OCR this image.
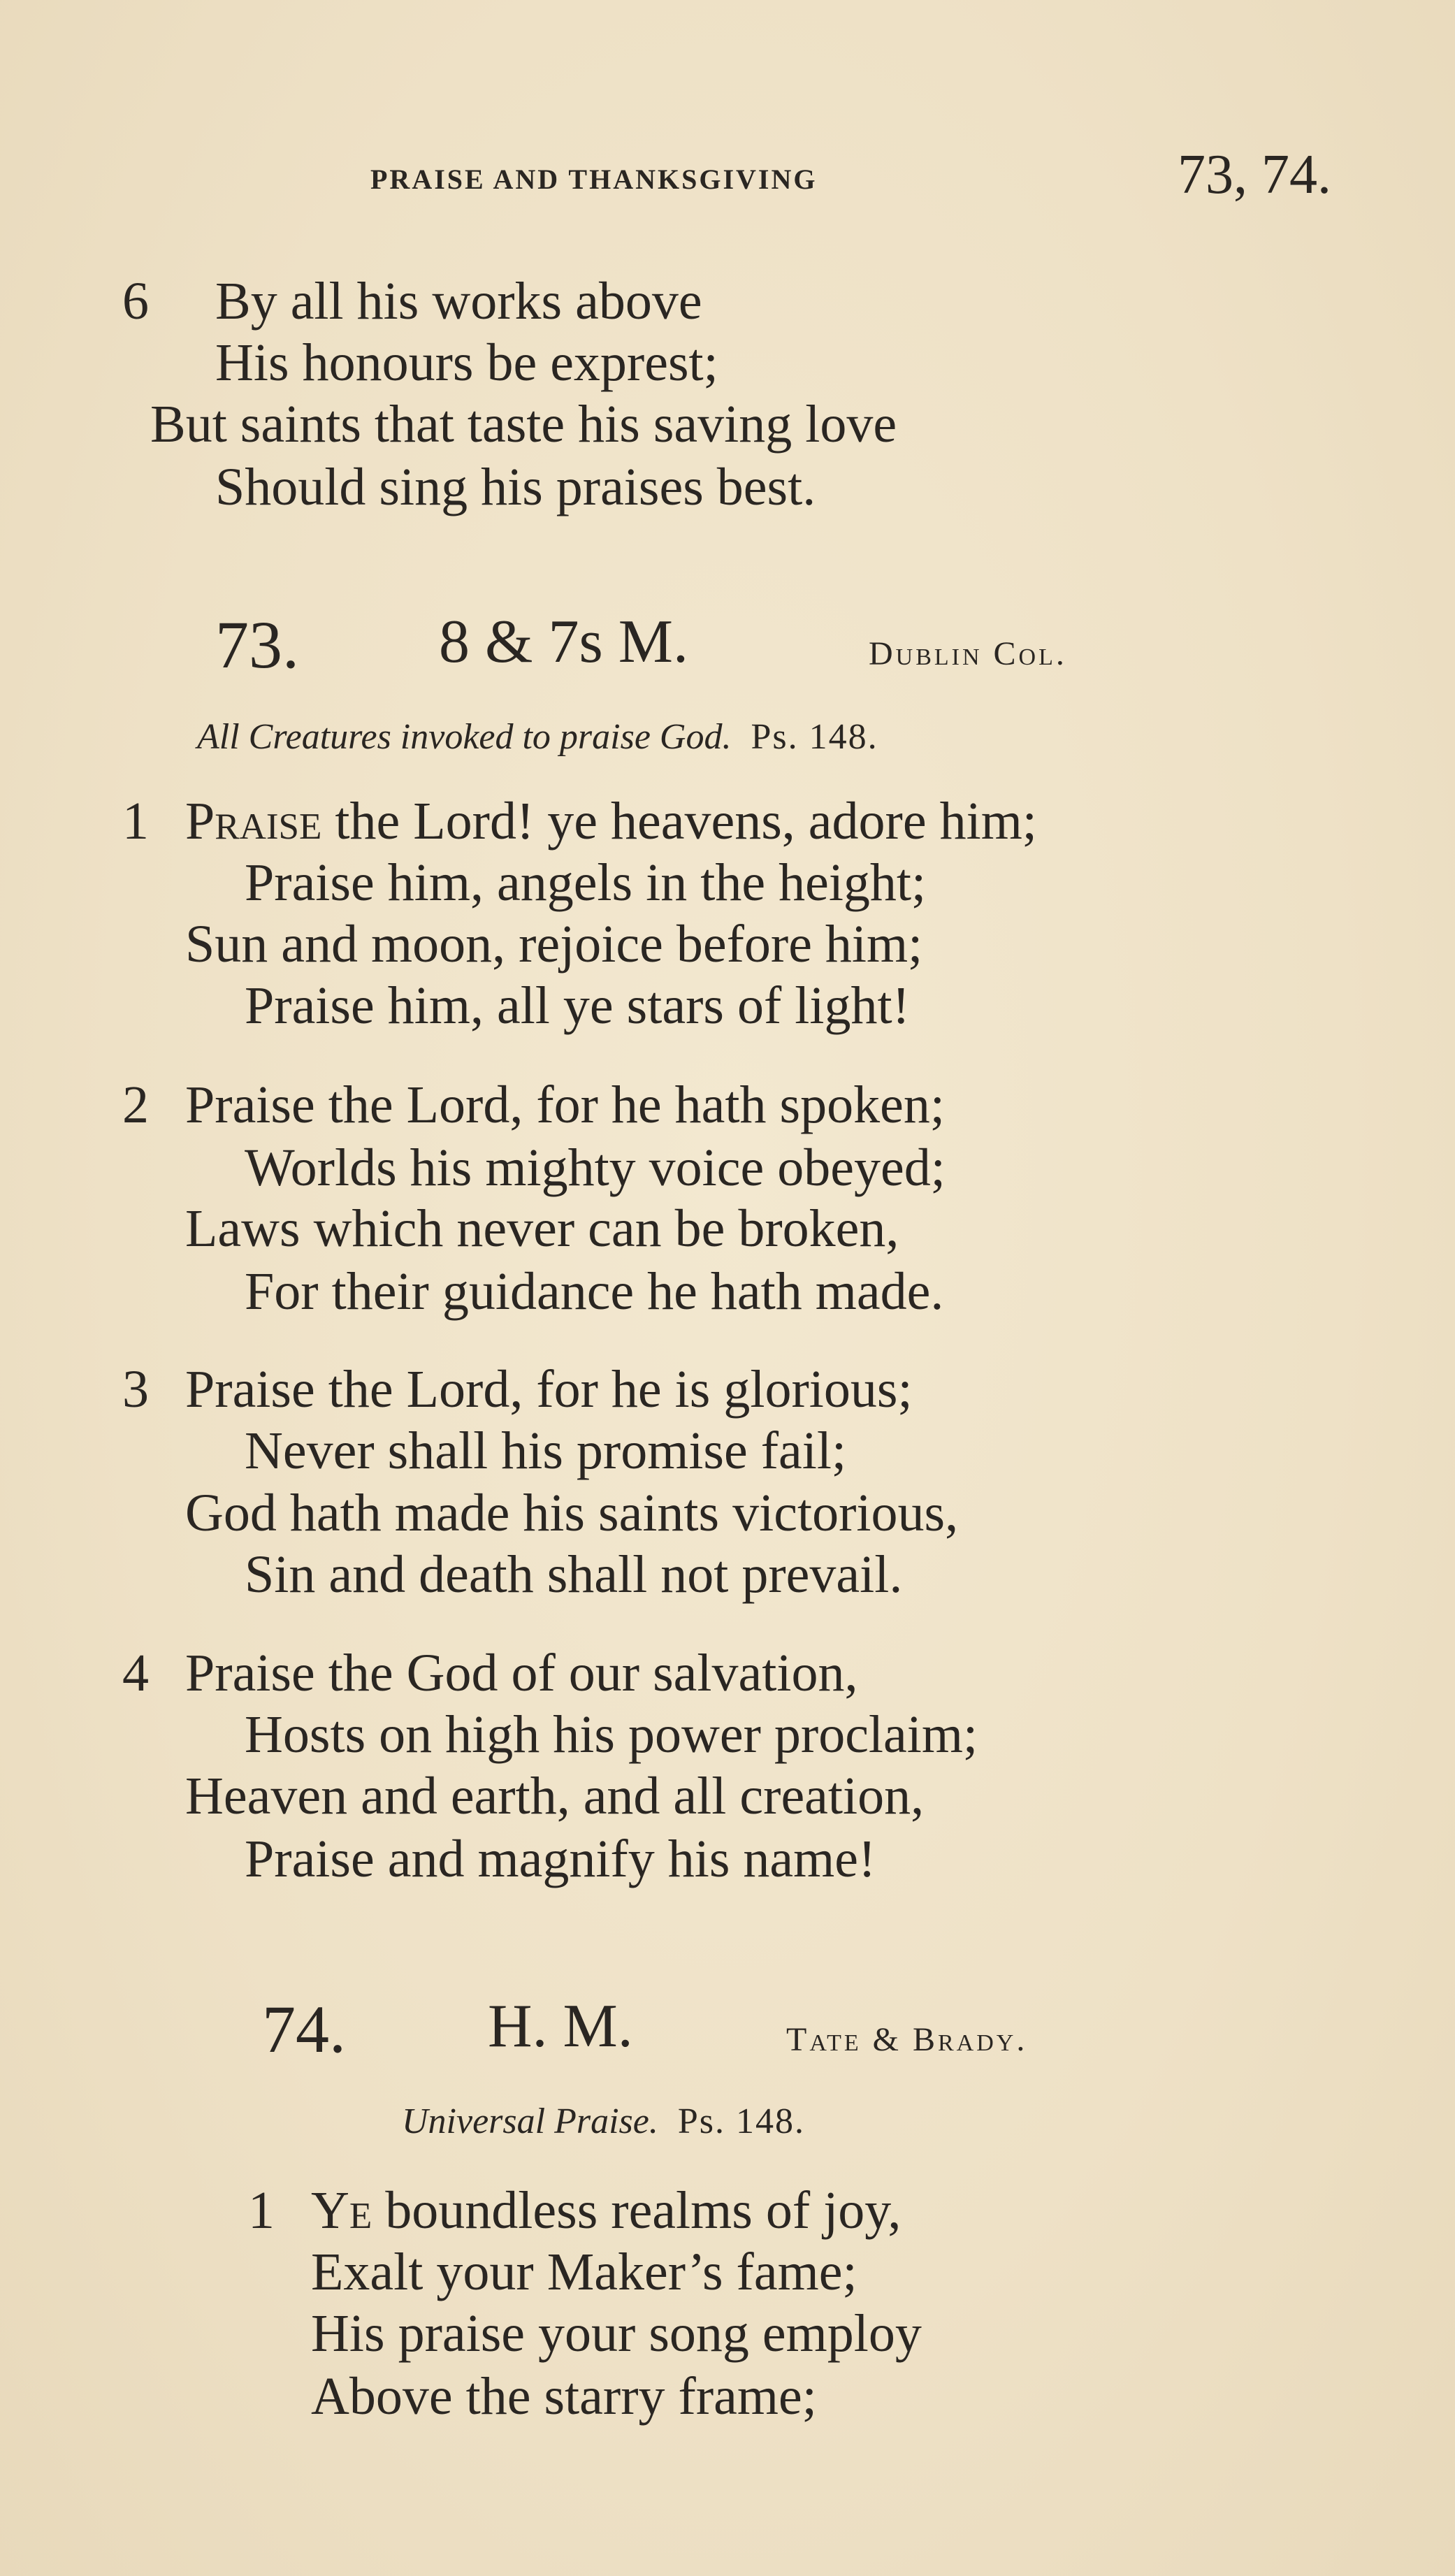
PRAISE AND THANKSGIVING	73, 74.
6 By all his works above
His honours be exprest;
But saints that taste his saving love
Should sing his praises best.
73. 8 & 7s M.	Dublin Col.
All Creatures invoked to praise God. Ps. 148.
1 Praise the Lord! ye heavens, adore him;
Praise him, angels in the height;
Sun and moon, rejoice before him;
Praise him, all ye stars of light!
2 Praise the Lord, for he hath spoken;
Worlds his mighty voice obeyed;
Laws which never can be broken,
For their guidance he hath made.
3 Praise the Lord, for he is glorious;
Never shall his promise fail;
God hath made his saints victorious,
Sin and death shall not prevail.
4 Praise the God of our salvation,
Hosts on high his power proclaim;
Heaven and earth, and all creation,
Praise and magnify his name!
74. H. M.	Tate & Brady.
Universal Praise. Ps. 148.
1 Ye boundless realms of joy,
Exalt your Maker’s fame;
His praise your song employ
Above the starry frame;
